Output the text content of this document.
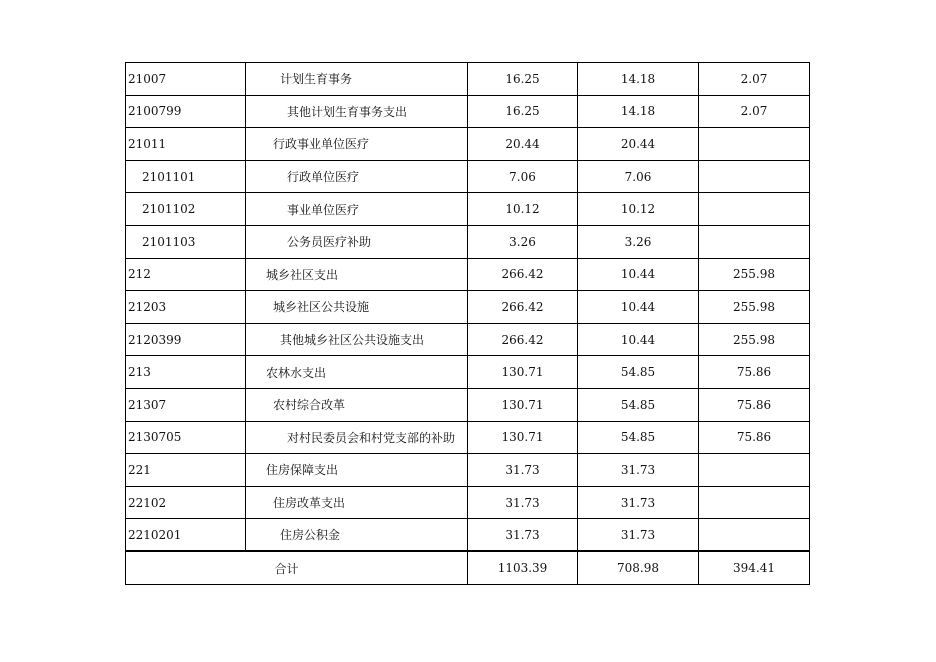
21007	计划生育事务	16.25	14.18	2.07
2100799	其他计划生育事务支出	16.25	14.18	2.07
21011	行政事业单位医疗	20.44	20.44	
2101101	行政单位医疗	7.06	7.06	
2101102	事业单位医疗	10.12	10.12	
2101103	公务员医疗补助	3.26	3.26	
212	城乡社区支出	266.42	10.44	255.98
21203	城乡社区公共设施	266.42	10.44	255.98
2120399	其他城乡社区公共设施支出	266.42	10.44	255.98
213	农林水支出	130.71	54.85	75.86
21307	农村综合改革	130.71	54.85	75.86
2130705	对村民委员会和村党支部的补助	130.71	54.85	75.86
221	住房保障支出	31.73	31.73	
22102	住房改革支出	31.73	31.73	
2210201	住房公积金	31.73	31.73	
合计		1103.39	708.98	394.41
